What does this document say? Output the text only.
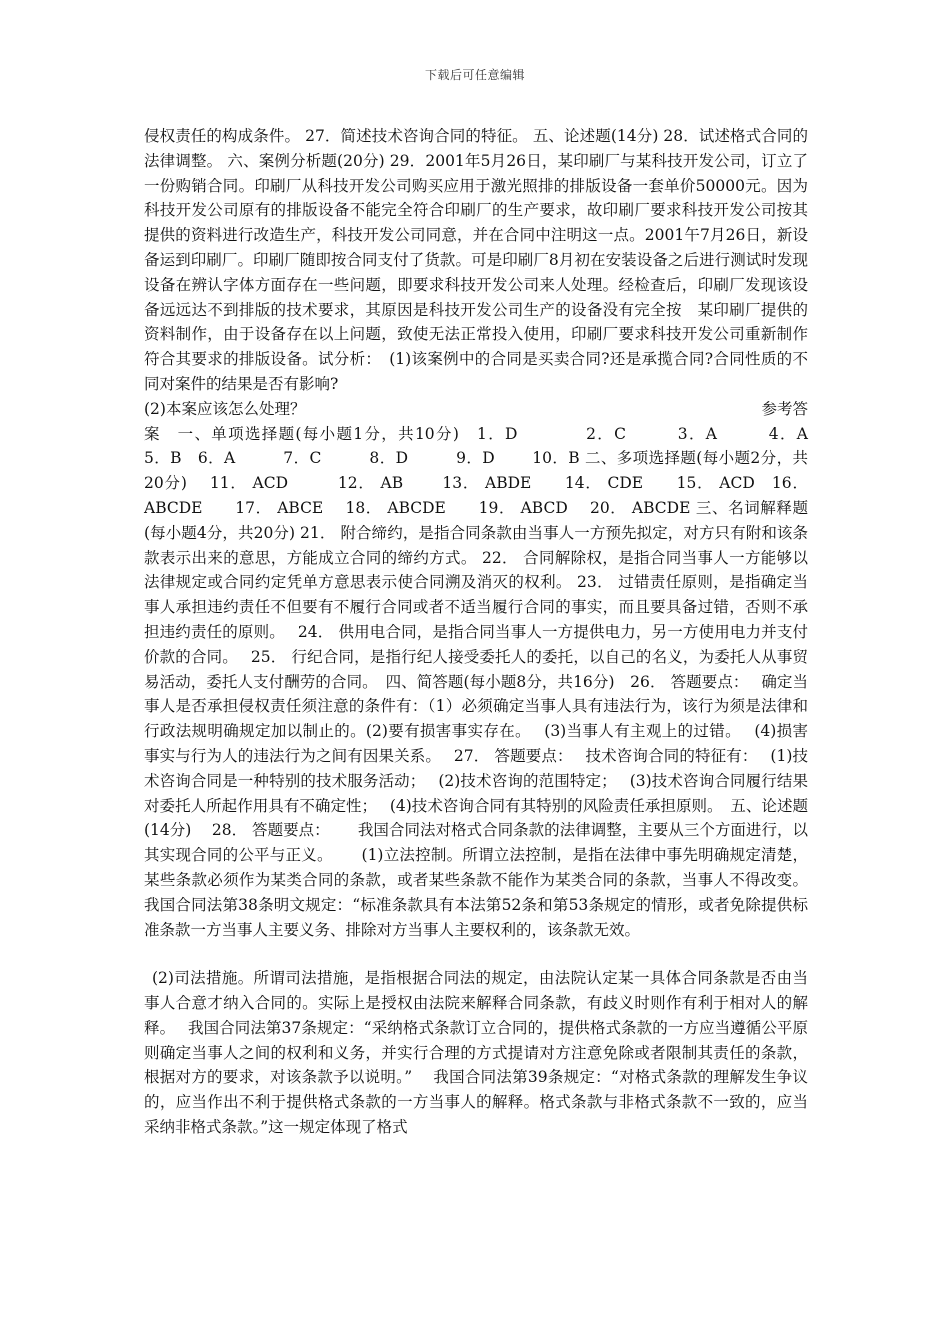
下载后可任意编辑

侵权责任的构成条件。 27．简述技术咨询合同的特征。 五、论述题(14分) 28．试述格式合同的法律调整。 六、案例分析题(20分) 29．2001年5月26日，某印刷厂与某科技开发公司，订立了一份购销合同。印刷厂从科技开发公司购买应用于激光照排的排版设备一套单价50000元。因为科技开发公司原有的排版设备不能完全符合印刷厂的生产要求，故印刷厂要求科技开发公司按其提供的资料进行改造生产，科技开发公司同意，并在合同中注明这一点。2001午7月26日，新设备运到印刷厂。印刷厂随即按合同支付了货款。可是印刷厂8月初在安装设备之后进行测试时发现设备在辨认字体方面存在一些问题，即要求科技开发公司来人处理。经检查后，印刷厂发现该设备远远达不到排版的技术要求，其原因是科技开发公司生产的设备没有完全按　某印刷厂提供的资料制作，由于设备存在以上问题，致使无法正常投入使用，印刷厂要求科技开发公司重新制作符合其要求的排版设备。试分析：　(1)该案例中的合同是买卖合同?还是承揽合同?合同性质的不同对案件的结果是否有影响?

(2)本案应该怎么处理？	参考答

案　一、单项选择题(每小题1分，共10分)　1．D　　　　2．C　　　3．A　　　4．A　　5．B　6．A　　　7．C　　　8．D　　　9．D　　 10．B 二、多项选择题(每小题2分，共20分)　 11． ACD　　　12． AB　　 13． ABDE　　14． CDE　　15． ACD　16． ABCDE　　17． ABCE　 18． ABCDE　　19． ABCD　 20． ABCDE 三、名词解释题(每小题4分，共20分) 21． 附合缔约，是指合同条款由当事人一方预先拟定，对方只有附和该条款表示出来的意思，方能成立合同的缔约方式。 22． 合同解除权，是指合同当事人一方能够以法律规定或合同约定凭单方意思表示使合同溯及消灭的权利。 23． 过错责任原则，是指确定当事人承担违约责任不但要有不履行合同或者不适当履行合同的事实，而且要具备过错，否则不承担违约责任的原则。　 24． 供用电合同，是指合同当事人一方提供电力，另一方使用电力并支付价款的合同。　 25． 行纪合同，是指行纪人接受委托人的委托，以自己的名义，为委托人从事贸易活动，委托人支付酬劳的合同。　四、简答题(每小题8分，共16分)　26． 答题要点：　 确定当事人是否承担侵权责任须注意的条件有：（1）必须确定当事人具有违法行为，该行为须是法律和行政法规明确规定加以制止的。(2)要有损害事实存在。　 (3)当事人有主观上的过错。　 (4)损害事实与行为人的违法行为之间有因果关系。　 27． 答题要点：　 技术咨询合同的特征有：　 (1)技术咨询合同是一种特别的技术服务活动；　 (2)技术咨询的范围特定；　 (3)技术咨询合同履行结果对委托人所起作用具有不确定性；　 (4)技术咨询合同有其特别的风险责任承担原则。　五、论述题(14分)　 28． 答题要点：　　 我国合同法对格式合同条款的法律调整，主要从三个方面进行，以其实现合同的公平与正义。　　 (1)立法控制。所谓立法控制，是指在法律中事先明确规定清楚，某些条款必须作为某类合同的条款，或者某些条款不能作为某类合同的条款，当事人不得改变。我国合同法第38条明文规定：“标准条款具有本法第52条和第53条规定的情形，或者免除提供标准条款一方当事人主要义务、排除对方当事人主要权利的，该条款无效。

(2)司法措施。所谓司法措施，是指根据合同法的规定，由法院认定某一具体合同条款是否由当事人合意才纳入合同的。实际上是授权由法院来解释合同条款，有歧义时则作有利于相对人的解释。　 我国合同法第37条规定：“采纳格式条款订立合同的，提供格式条款的一方应当遵循公平原则确定当事人之间的权利和义务，并实行合理的方式提请对方注意免除或者限制其责任的条款，根据对方的要求，对该条款予以说明。”　 我国合同法第39条规定：“对格式条款的理解发生争议的，应当作出不利于提供格式条款的一方当事人的解释。格式条款与非格式条款不一致的，应当采纳非格式条款。”这一规定体现了格式
